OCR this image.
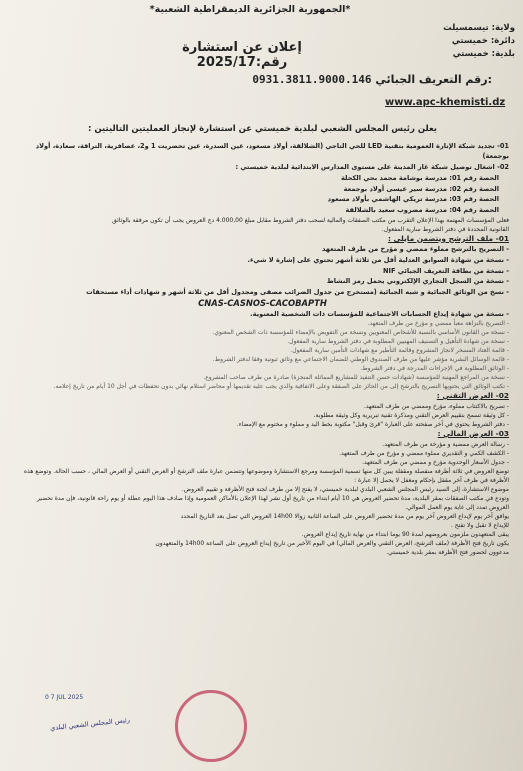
*الجمهورية الجزائرية الديمقراطية الشعبية*
ولاية: تيسمسيلت
دائرة: خميستي
بلدية: خميستي
إعلان عن استشارة رقم:2025/17
0931.3811.9000.146 رقم التعريف الجبائي:
www.apc-khemisti.dz

يعلن رئيس المجلس الشعبي لبلدية خميستي عن استشارة لإنجاز العمليتين التاليتين :

01- تجديد شبكة الإنارة العمومية بتقنية LED للحي التاجي (الشلالقة، أولاد مسعود، عين السدرة، عين تحضريت 1 و2، عصافرية، التراقة، سعادة، أولاد بوجمعة)

02- اشغال توصيل شبكة غاز المدينة على مستوى المدارس الابتدائية لبلدية خميستي :

الحصة رقم 01: مدرسة بوشامة محمد بحي الكحلة

الحصة رقم 02: مدرسة سير عيسى أولاد بوجمعة

الحصة رقم 03: مدرسة تريكي الهاشمي بأولاد مسعود

الحصة رقم 04: مدرسة مضروب سعيد بالشلالقة

فعلى المؤسسات المهتمة بهذا الإعلان التقرب من مكتب الصفقات والمالية لسحب دفتر الشروط مقابل مبلغ 4.000,00 دج العروض يجب أن تكون مرفقة بالوثائق

القانونية المحددة في دفتر الشروط سارية المفعول.

01- ملف الترشح ويتضمن مايلي :

- التصريح بالترشح مملوء ممضي و مؤرخ من طرف المتعهد

- نسخة من شهادة السوابق العدلية أقل من ثلاثة أشهر تحتوي على إشارة لا شيء.

- نسخة من بطاقة التعريف الجبائي NIF

- نسخة من السجل التجاري الإلكتروني يحمل رمز النشاط

- نسخ من الوثائق الجبائية و شبه الجبائية (مستخرج من جدول الضرائب مصفى ومجدول أقل من ثلاثة أشهر و شهادات أداء مستحقات

CNAS-CASNOS-CACOBAPTH

- نسخة من شهادة إيداع الحسابات الاجتماعية للمؤسسات ذات الشخصية المعنوية.

- التصريح بالنزاهة معبأ ممضي و مؤرخ من طرف المتعهد.

- نسخة من القانون الأساسي بالنسبة للأشخاص المعنويين ونسخة من التفويض بالإمضاء للمؤسسة ذات الشخص المعنوي.

- نسخة من شهادة التأهيل و التصنيف المهنيين المطلوبة في دفتر الشروط سارية المفعول.

- قائمة العتاد المسخر لانجاز المشروع وقائمة التأطير مع شهادات التأمين سارية المفعول.

- قائمة الوسائل البشرية مؤشر عليها من طرف الصندوق الوطني للضمان الاجتماعي مع وثائق ثبوتية وفقا لدفتر الشروط.

- الوثائق المطلوبة في الإجراءات المدرجة في دفتر الشروط.

- نسخة من المراجع المهنية للمؤسسة (شهادات حسن التنفيذ للمشاريع المماثلة المنجزة) صادرة من طرف صاحب المشروع.

- تكتب الوثائق التي يحتويها التصريح بالترشح إلى من الحائز على الصفقة وعلى الاتفاقية والذي يجب عليه تقديمها أو محاضر استلام نهائي بدون تحفظات في أجل 10 أيام من تاريخ إعلامه.

02- العرض التقني :

- تصريح بالاكتتاب مملوء، مؤرخ وممضي من طرف المتعهد.

- كل وثيقة تسمح بتقييم العرض التقني ومذكرة تقنية تبريرية وكل وثيقة مطلوبة.

- دفتر الشروط يحتوي في آخر صفحته على العبارة "قرئ وقبل" مكتوبة بخط اليد و مملوء و مختوم مع الإمضاء.

03- العرض المالي :

- رسالة العرض ممضية و مؤرخة من طرف المتعهد.

- الكشف الكمي و التقديري مملوء ممضي و مؤرخ من طرف المتعهد.

- جدول الأسعار الوحدوية مؤرخ و ممضي من طرف المتعهد.

توضع العروض في ثلاثة أظرفة منفصلة ومقفلة يبين كل منها تسمية المؤسسة ومرجع الاستشارة وموضوعها وتتضمن عبارة ملف الترشح أو العرض التقني أو العرض المالي ، حسب الحالة. وتوضع هذه الأظرفة في ظرف آخر مقفل بإحكام ومغفل لا يحمل إلا عبارة :

موضوع الاستشارة، إلى السيد رئيس المجلس الشعبي البلدي لبلدية خميستي، لا يفتح إلا من طرف لجنة فتح الأظرفة و تقييم العروض.

وتودع في مكتب الصفقات بمقر البلدية، مدة تحضير العروض هي 10 أيام ابتداء من تاريخ أول نشر لهذا الإعلان بالأماكن العمومية وإذا صادف هذا اليوم عطلة أو يوم راحة قانونية، فإن مدة تحضير العروض تمدد إلى غاية يوم العمل الموالي.

يوافق آخر يوم لإيداع العروض آخر يوم من مدة تحضير العروض على الساعة الثانية زوالا 14h00 العروض التي تصل بعد التاريخ المحدد

للإيداع لا تقبل ولا تفتح .

يبقى المتعهدون ملزمون بعروضهم لمدة 90 يوما ابتداء من نهاية تاريخ إيداع العروض.

يكون تاريخ فتح الأظرفة (ملف الترشح، العرض التقني والعرض المالي) في اليوم الأخير من تاريخ إيداع العروض على الساعة 14h00 والمتعهدون

مدعوون لحضور فتح الأظرفة بمقر بلدية خميستي.

0 7 JUL 2025
رئيس المجلس الشعبي البلدي
